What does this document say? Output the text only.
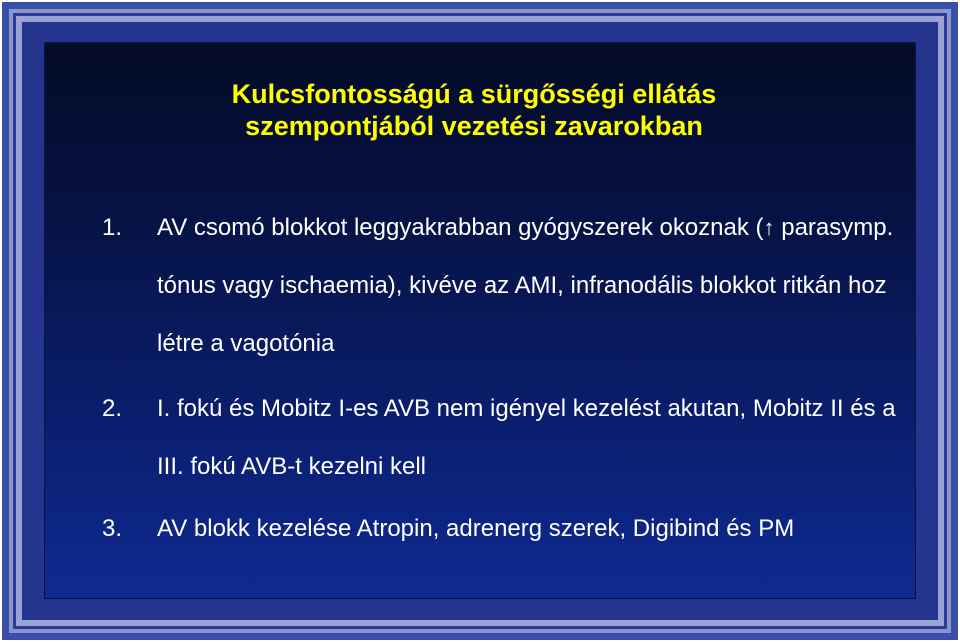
Kulcsfontosságú a sürgősségi ellátás
szempontjából vezetési zavarokban
1. AV csomó blokkot leggyakrabban gyógyszerek okoznak (↑ parasymp.
tónus vagy ischaemia), kivéve az AMI, infranodális blokkot ritkán hoz
létre a vagotónia
2. I. fokú és Mobitz I-es AVB nem igényel kezelést akutan, Mobitz II és a
III. fokú AVB-t kezelni kell
3. AV blokk kezelése Atropin, adrenerg szerek, Digibind és PM
